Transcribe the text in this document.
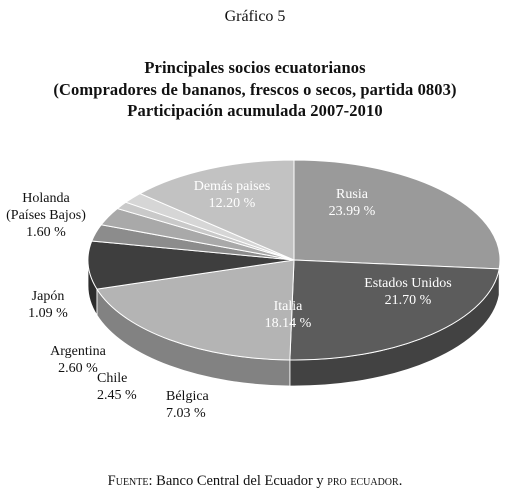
Gráfico 5
Principales socios ecuatorianos
(Compradores de bananos, frescos o secos, partida 0803)
Participación acumulada 2007-2010
Rusia
23.99 %
Estados Unidos
21.70 %
Italia
18.14 %
Bélgica
7.03 %
Chile
2.45 %
Argentina
2.60 %
Japón
1.09 %
Holanda
(Países Bajos)
1.60 %
Demás paises
12.20 %
Fuente: Banco Central del Ecuador y pro ecuador.
